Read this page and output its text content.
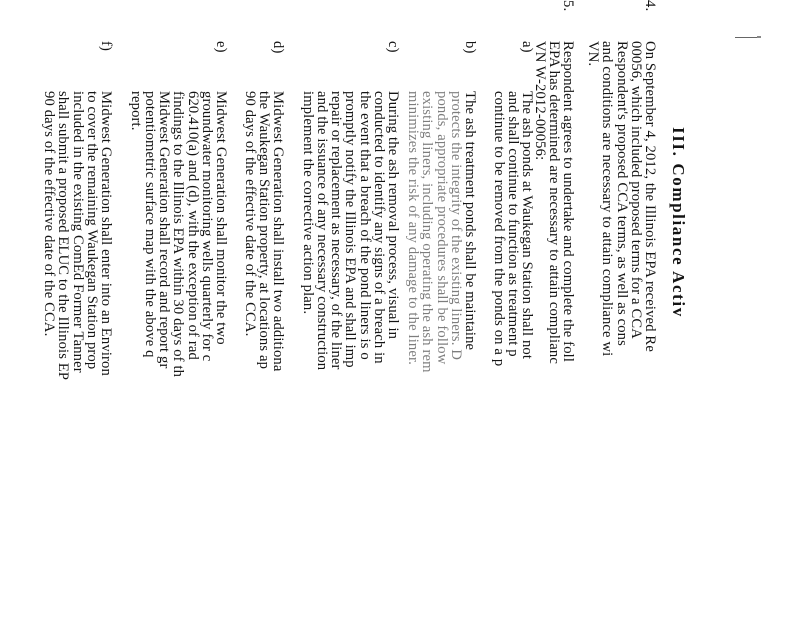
III. Compliance Activ
4.
On September 4, 2012, the Illinois EPA received Re
00056, which included proposed terms for a CCA
Respondent's proposed CCA terms, as well as cons
and conditions are necessary to attain compliance wi
VN.
5.
Respondent agrees to undertake and complete the foll
EPA has determined are necessary to attain complianc
VN W-2012-00056:
a)
The ash ponds at Waukegan Station shall not
and shall continue to function as treatment p
continue to be removed from the ponds on a p
b)
The ash treatment ponds shall be maintaine
protects the integrity of the existing liners. D
ponds, appropriate procedures shall be follow
existing liners, including operating the ash rem
minimizes the risk of any damage to the liner.
c)
During the ash removal process, visual in
conducted to identify any signs of a breach in
the event that a breach of the pond liners is o
promptly notify the Illinois EPA and shall imp
repair or replacement as necessary, of the liner
and the issuance of any necessary construction
implement the corrective action plan.
d)
Midwest Generation shall install two additiona
the Waukegan Station property, at locations ap
90 days of the effective date of the CCA.
e)
Midwest Generation shall monitor the two
groundwater monitoring wells quarterly for c
620.410(a) and (d), with the exception of rad
findings to the Illinois EPA within 30 days of th
Midwest Generation shall record and report gr
potentiometric surface map with the above q
report.
f)
Midwest Generation shall enter into an Environ
to cover the remaining Waukegan Station prop
included in the existing ComEd Former Tanner
shall submit a proposed ELUC to the Illinois EP
90 days of the effective date of the CCA.
